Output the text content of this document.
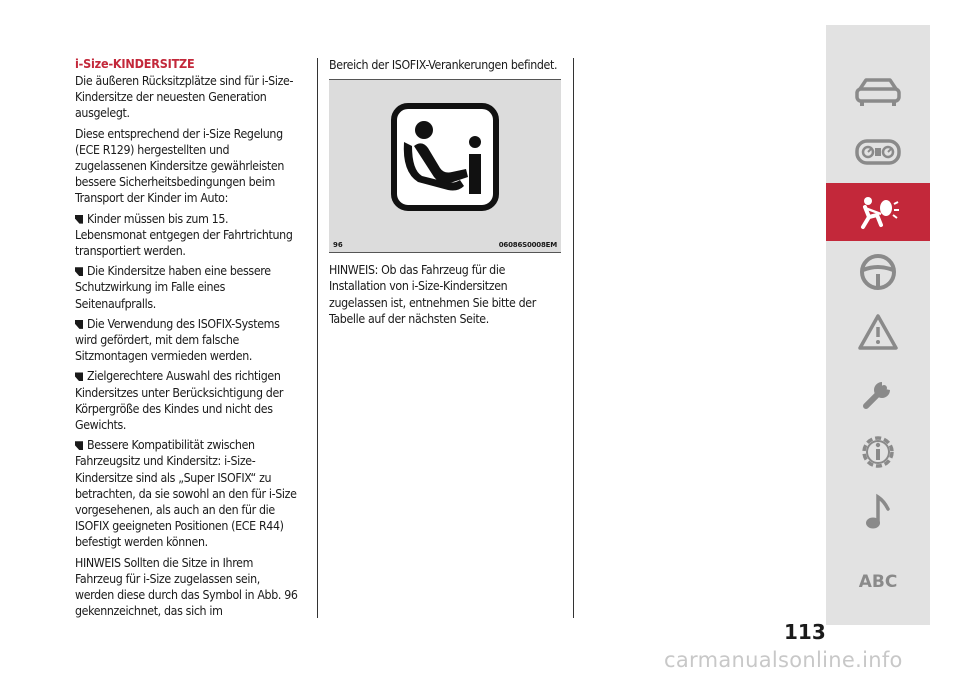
i-Size-KINDERSITZE

Die äußeren Rücksitzplätze sind für i-Size-Kindersitze der neuesten Generation ausgelegt.

Diese entsprechend der i-Size Regelung (ECE R129) hergestellten und zugelassenen Kindersitze gewährleisten bessere Sicherheitsbedingungen beim Transport der Kinder im Auto:

Kinder müssen bis zum 15. Lebensmonat entgegen der Fahrtrichtung transportiert werden.

Die Kindersitze haben eine bessere Schutzwirkung im Falle eines Seitenaufpralls.

Die Verwendung des ISOFIX-Systems wird gefördert, mit dem falsche Sitzmontagen vermieden werden.

Zielgerechtere Auswahl des richtigen Kindersitzes unter Berücksichtigung der Körpergröße des Kindes und nicht des Gewichts.

Bessere Kompatibilität zwischen Fahrzeugsitz und Kindersitz: i-Size-Kindersitze sind als „Super ISOFIX“ zu betrachten, da sie sowohl an den für i-Size vorgesehenen, als auch an den für die ISOFIX geeigneten Positionen (ECE R44) befestigt werden können.

HINWEIS Sollten die Sitze in Ihrem Fahrzeug für i-Size zugelassen sein, werden diese durch das Symbol in Abb. 96 gekennzeichnet, das sich im

Bereich der ISOFIX-Verankerungen befindet.

96	06086S0008EM

HINWEIS: Ob das Fahrzeug für die Installation von i-Size-Kindersitzen zugelassen ist, entnehmen Sie bitte der Tabelle auf der nächsten Seite.

ABC
113
carmanualsonline.info
